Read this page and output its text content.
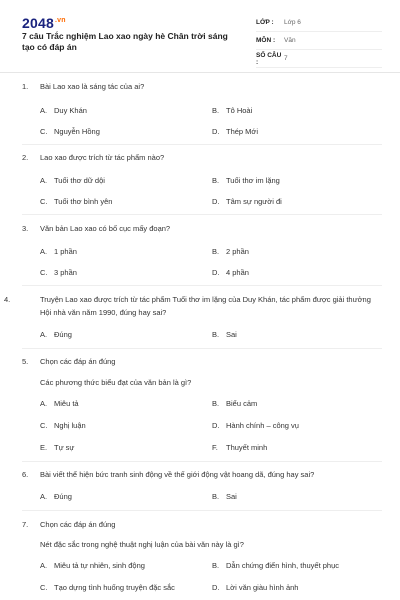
$2048^{.vn}$
7 câu Trắc nghiệm Lao xao ngày hè Chân trời sáng tạo có đáp án
LỚP :	Lớp 6
MÔN :	Văn
SỐ CÂU :	7
1. Bài Lao xao là sáng tác của ai?
A. Duy Khán	B. Tô Hoài
C. Nguyễn Hồng	D. Thép Mới
2. Lao xao được trích từ tác phẩm nào?
A. Tuổi thơ dữ dội	B. Tuổi thơ im lặng
C. Tuổi thơ bình yên	D. Tâm sự người đi
3. Văn bản Lao xao có bố cục mấy đoạn?
A. 1 phần	B. 2 phần
C. 3 phần	D. 4 phần
4.	Truyện Lao xao được trích từ tác phẩm Tuổi thơ im lặng của Duy Khán, tác phẩm được giải thưởng Hội nhà văn năm 1990, đúng hay sai?
A. Đúng	B. Sai
5. Chọn các đáp án đúng
Các phương thức biểu đạt của văn bản là gì?
A. Miêu tả	B. Biểu cảm
C. Nghị luận	D. Hành chính – công vụ
E. Tự sự	F. Thuyết minh
6. Bài viết thể hiện bức tranh sinh động về thế giới động vật hoang dã, đúng hay sai?
A. Đúng	B. Sai
7. Chọn các đáp án đúng
Nét đặc sắc trong nghệ thuật nghị luận của bài văn này là gì?
A. Miêu tả tự nhiên, sinh động	B. Dẫn chứng điển hình, thuyết phục
C. Tạo dựng tình huống truyện đặc sắc	D. Lời văn giàu hình ảnh
